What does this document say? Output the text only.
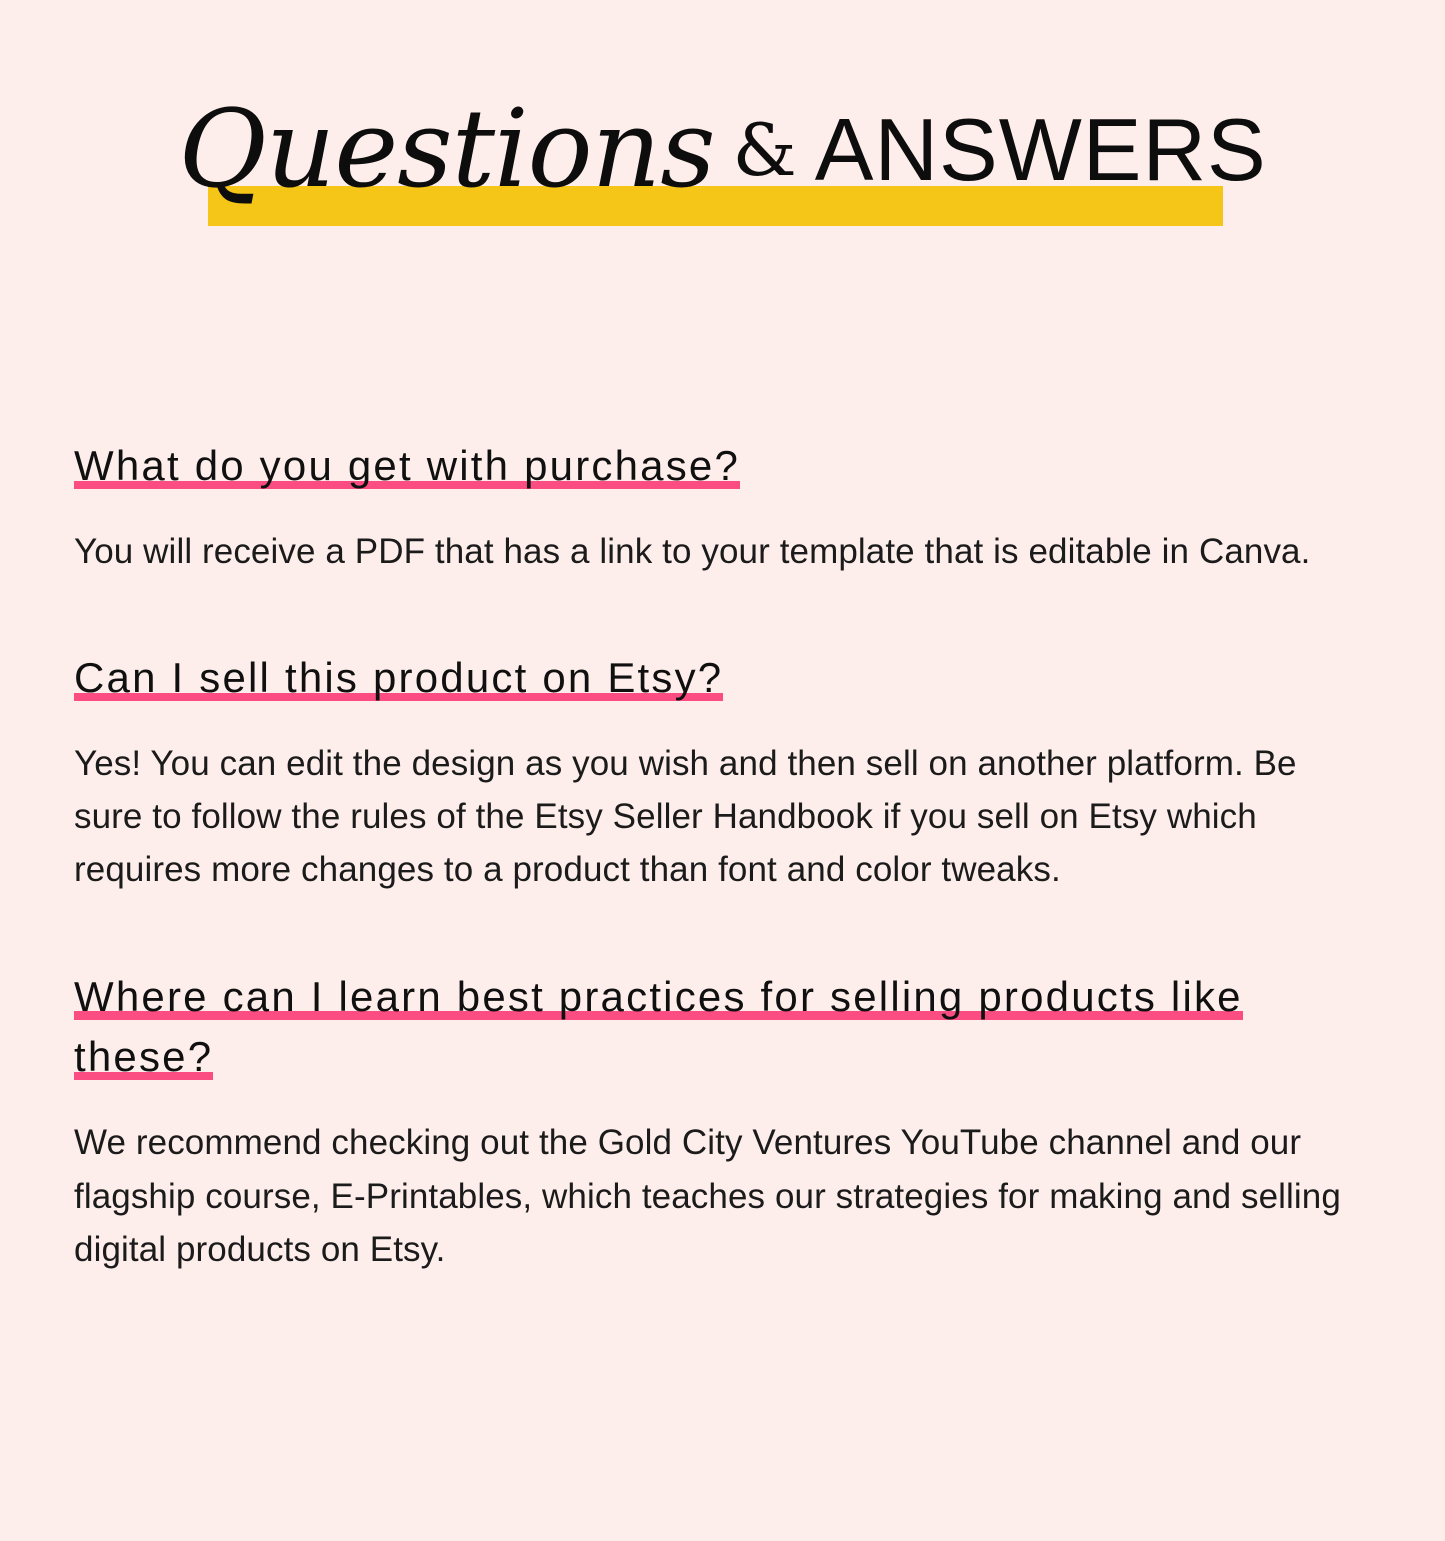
Questions & ANSWERS
What do you get with purchase?

You will receive a PDF that has a link to your template that is editable in Canva.

Can I sell this product on Etsy?

Yes! You can edit the design as you wish and then sell on another platform. Be sure to follow the rules of the Etsy Seller Handbook if you sell on Etsy which requires more changes to a product than font and color tweaks.

Where can I learn best practices for selling products like these?

We recommend checking out the Gold City Ventures YouTube channel and our flagship course, E-Printables, which teaches our strategies for making and selling digital products on Etsy.
